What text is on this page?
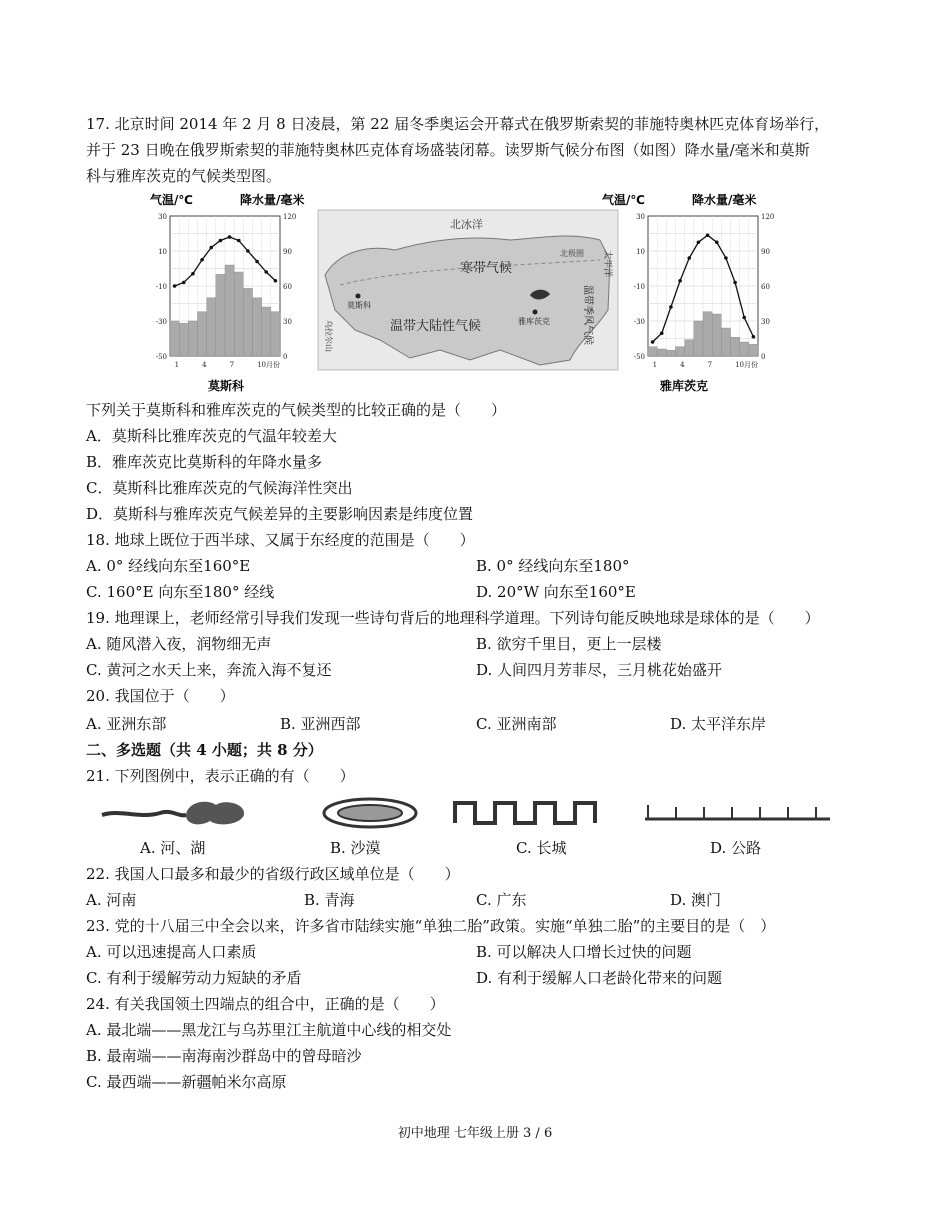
17. 北京时间 2014 年 2 月 8 日凌晨，第 22 届冬季奥运会开幕式在俄罗斯索契的菲施特奥林匹克体育场举行，
并于 23 日晚在俄罗斯索契的菲施特奥林匹克体育场盛装闭幕。读罗斯气候分布图（如图）降水量/毫米和莫斯
科与雅库茨克的气候类型图。
气温/℃	降水量/毫米
30
10
-10
-30
-50
120
90
60
30
0
1	4	7	10月份
莫斯科
北冰洋
寒带气候
温带大陆性气候
莫斯科
雅库茨克
乌拉尔山	温带季风气候
北极圈 太平洋
气温/℃	降水量/毫米
30
10
-10
-30
-50
120
90
60
30
0
1	4	7	10月份
雅库茨克
下列关于莫斯科和雅库茨克的气候类型的比较正确的是（　　）
A．莫斯科比雅库茨克的气温年较差大
B．雅库茨克比莫斯科的年降水量多
C．莫斯科比雅库茨克的气候海洋性突出
D．莫斯科与雅库茨克气候差异的主要影响因素是纬度位置
18. 地球上既位于西半球、又属于东经度的范围是（　　）
A. 0° 经线向东至160°E	B. 0° 经线向东至180°
C. 160°E 向东至180° 经线	D. 20°W 向东至160°E
19. 地理课上，老师经常引导我们发现一些诗句背后的地理科学道理。下列诗句能反映地球是球体的是（　　）
A. 随风潜入夜，润物细无声	B. 欲穷千里目，更上一层楼
C. 黄河之水天上来，奔流入海不复还	D. 人间四月芳菲尽，三月桃花始盛开
20. 我国位于（　　）
A. 亚洲东部	B. 亚洲西部	C. 亚洲南部	D. 太平洋东岸
二、多选题（共 4 小题；共 8 分）
21. 下列图例中，表示正确的有（　　）
A. 河、湖	B. 沙漠	C. 长城	D. 公路
22. 我国人口最多和最少的省级行政区域单位是（　　）
A. 河南	B. 青海	C. 广东	D. 澳门
23. 党的十八届三中全会以来，许多省市陆续实施“单独二胎”政策。实施“单独二胎”的主要目的是（　）
A. 可以迅速提高人口素质	B. 可以解决人口增长过快的问题
C. 有利于缓解劳动力短缺的矛盾	D. 有利于缓解人口老龄化带来的问题
24. 有关我国领土四端点的组合中，正确的是（　　）
A. 最北端——黑龙江与乌苏里江主航道中心线的相交处
B. 最南端——南海南沙群岛中的曾母暗沙
C. 最西端——新疆帕米尔高原
初中地理 七年级上册 3 / 6
